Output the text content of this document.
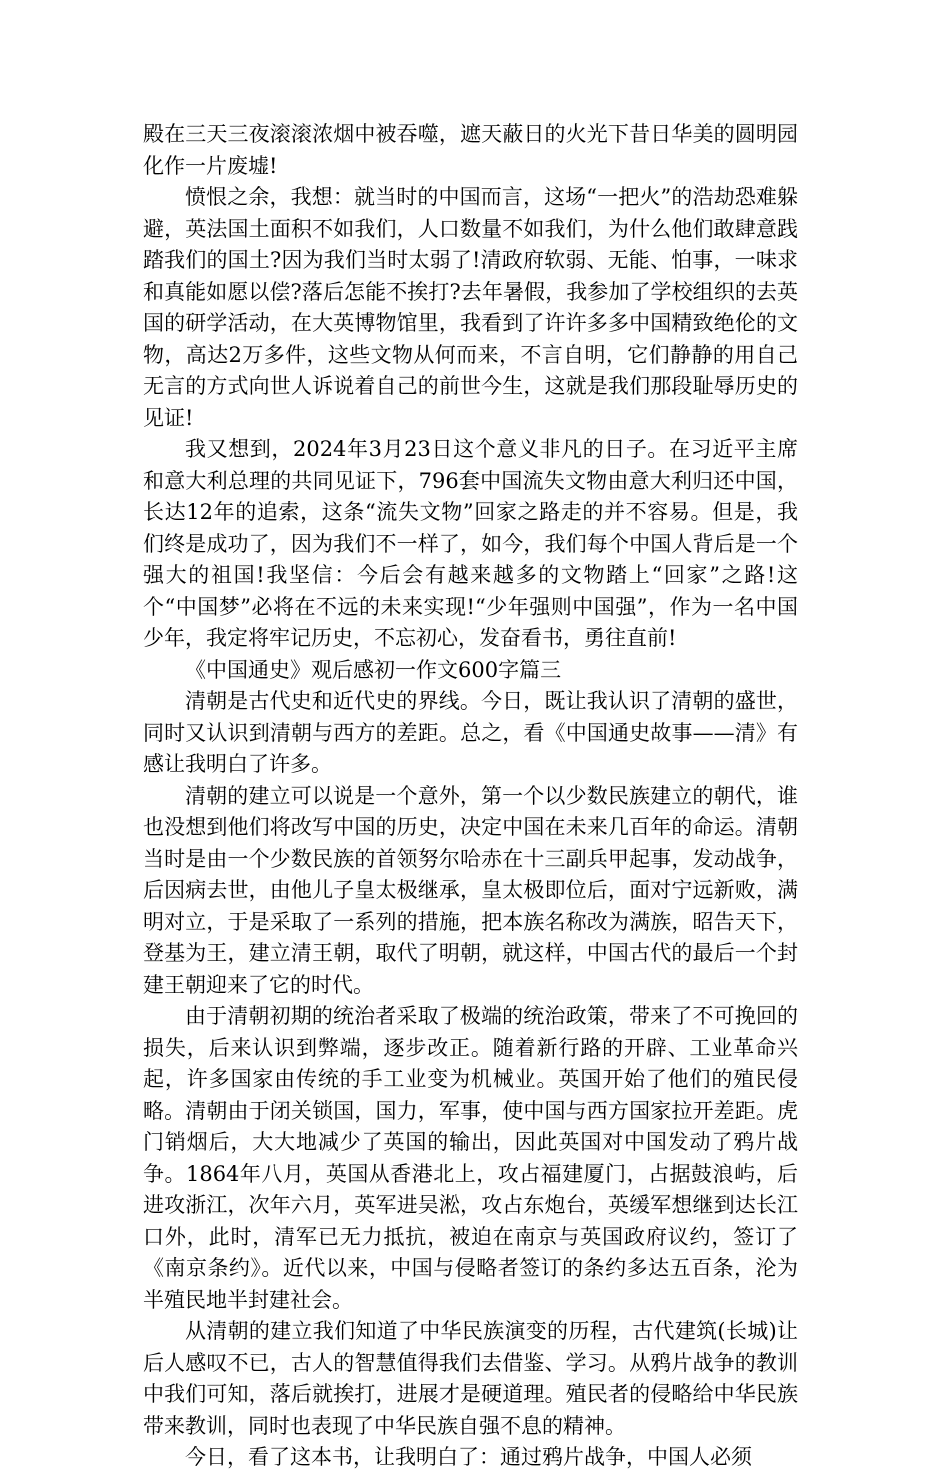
殿在三天三夜滚滚浓烟中被吞噬，遮天蔽日的火光下昔日华美的圆明园化作一片废墟!

愤恨之余，我想：就当时的中国而言，这场“一把火”的浩劫恐难躲避，英法国土面积不如我们，人口数量不如我们，为什么他们敢肆意践踏我们的国土?因为我们当时太弱了!清政府软弱、无能、怕事，一味求和真能如愿以偿?落后怎能不挨打?去年暑假，我参加了学校组织的去英国的研学活动，在大英博物馆里，我看到了许许多多中国精致绝伦的文物，高达2万多件，这些文物从何而来，不言自明，它们静静的用自己无言的方式向世人诉说着自己的前世今生，这就是我们那段耻辱历史的见证!

我又想到，2024年3月23日这个意义非凡的日子。在习近平主席和意大利总理的共同见证下，796套中国流失文物由意大利归还中国，长达12年的追索，这条“流失文物”回家之路走的并不容易。但是，我们终是成功了，因为我们不一样了，如今，我们每个中国人背后是一个强大的祖国!我坚信：今后会有越来越多的文物踏上“回家”之路!这个“中国梦”必将在不远的未来实现!“少年强则中国强”，作为一名中国少年，我定将牢记历史，不忘初心，发奋看书，勇往直前!

《中国通史》观后感初一作文600字篇三

清朝是古代史和近代史的界线。今日，既让我认识了清朝的盛世，同时又认识到清朝与西方的差距。总之，看《中国通史故事——清》有感让我明白了许多。

清朝的建立可以说是一个意外，第一个以少数民族建立的朝代，谁也没想到他们将改写中国的历史，决定中国在未来几百年的命运。清朝当时是由一个少数民族的首领努尔哈赤在十三副兵甲起事，发动战争，后因病去世，由他儿子皇太极继承，皇太极即位后，面对宁远新败，满明对立，于是采取了一系列的措施，把本族名称改为满族，昭告天下，登基为王，建立清王朝，取代了明朝，就这样，中国古代的最后一个封建王朝迎来了它的时代。

由于清朝初期的统治者采取了极端的统治政策，带来了不可挽回的损失，后来认识到弊端，逐步改正。随着新行路的开辟、工业革命兴起，许多国家由传统的手工业变为机械业。英国开始了他们的殖民侵略。清朝由于闭关锁国，国力，军事，使中国与西方国家拉开差距。虎门销烟后，大大地减少了英国的输出，因此英国对中国发动了鸦片战争。1864年八月，英国从香港北上，攻占福建厦门，占据鼓浪屿，后进攻浙江，次年六月，英军进吴淞，攻占东炮台，英缓军想继到达长江口外，此时，清军已无力抵抗，被迫在南京与英国政府议约，签订了《南京条约》。近代以来，中国与侵略者签订的条约多达五百条，沦为半殖民地半封建社会。

从清朝的建立我们知道了中华民族演变的历程，古代建筑(长城)让后人感叹不已，古人的智慧值得我们去借鉴、学习。从鸦片战争的教训中我们可知，落后就挨打，进展才是硬道理。殖民者的侵略给中华民族带来教训，同时也表现了中华民族自强不息的精神。

今日，看了这本书，让我明白了：通过鸦片战争，中国人必须
